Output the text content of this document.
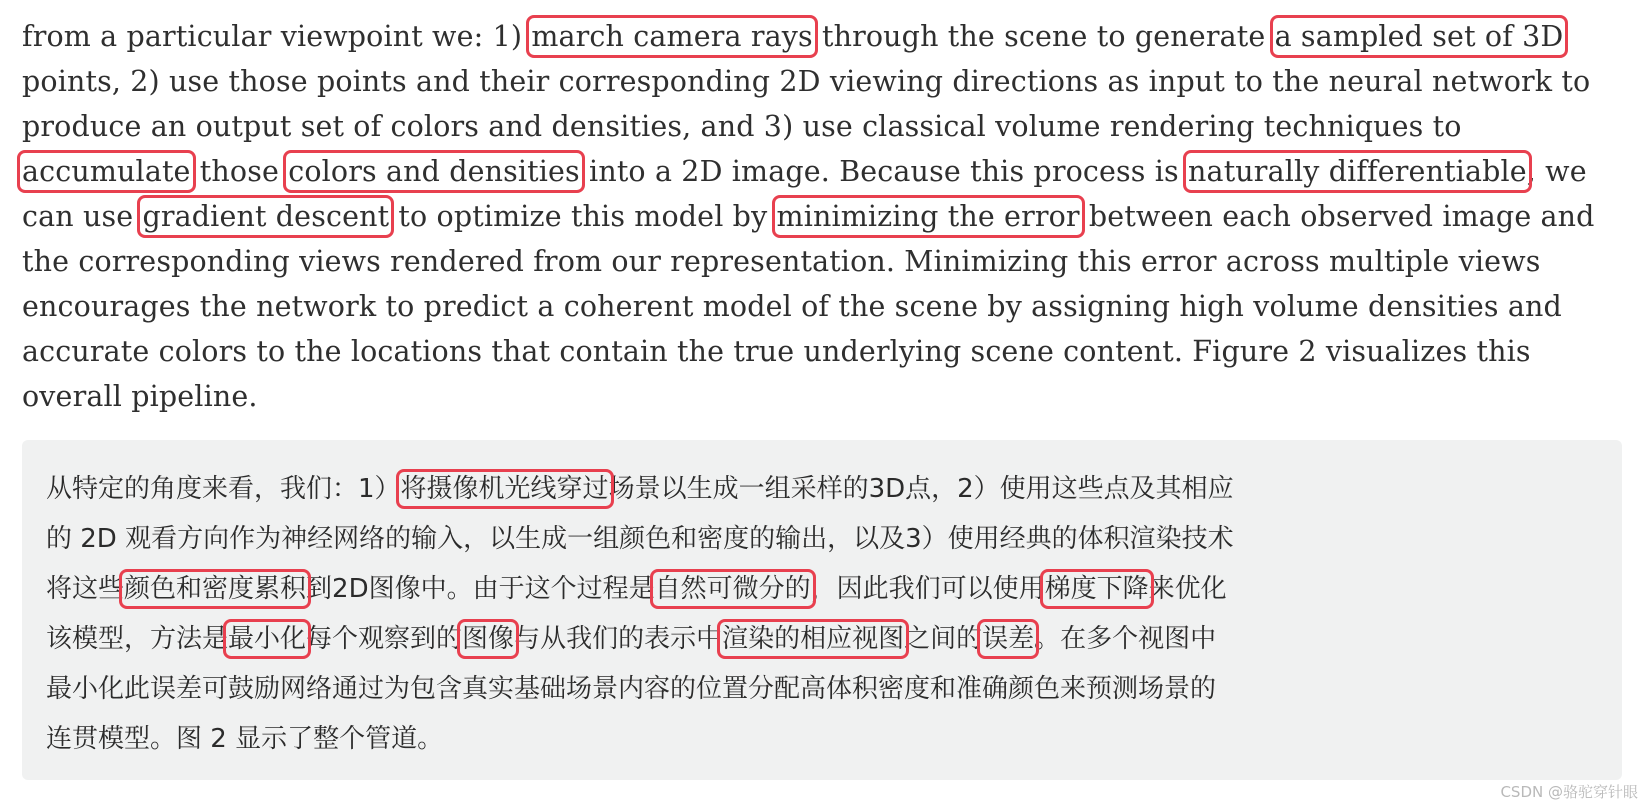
from a particular viewpoint we: 1) march camera rays through the scene to generate a sampled set of 3D
points, 2) use those points and their corresponding 2D viewing directions as input to the neural network to
produce an output set of colors and densities, and 3) use classical volume rendering techniques to
accumulate those colors and densities into a 2D image. Because this process is naturally differentiable, we
can use gradient descent to optimize this model by minimizing the error between each observed image and
the corresponding views rendered from our representation. Minimizing this error across multiple views
encourages the network to predict a coherent model of the scene by assigning high volume densities and
accurate colors to the locations that contain the true underlying scene content. Figure 2 visualizes this
overall pipeline.
从特定的角度来看，我们：1）将摄像机光线穿过场景以生成一组采样的3D点，2）使用这些点及其相应
的 2D 观看方向作为神经网络的输入，以生成一组颜色和密度的输出，以及3）使用经典的体积渲染技术
将这些颜色和密度累积到2D图像中。由于这个过程是自然可微分的，因此我们可以使用梯度下降来优化
该模型，方法是最小化每个观察到的图像与从我们的表示中渲染的相应视图之间的误差。在多个视图中
最小化此误差可鼓励网络通过为包含真实基础场景内容的位置分配高体积密度和准确颜色来预测场景的
连贯模型。图 2 显示了整个管道。
CSDN @骆驼穿针眼
